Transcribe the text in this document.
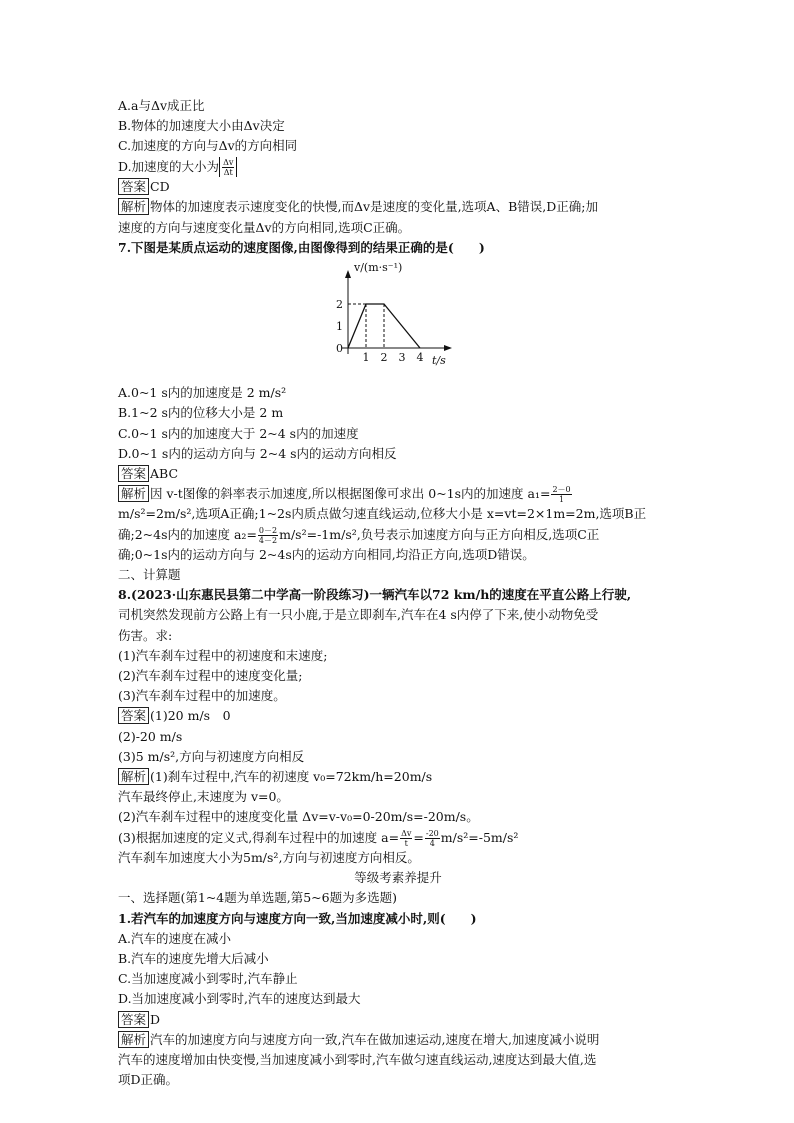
A.a与Δv成正比
B.物体的加速度大小由Δv决定
C.加速度的方向与Δv的方向相同
D.加速度的大小为 $\frac{\Delta v}{\Delta t}$
答案 CD
解析 物体的加速度表示速度变化的快慢,而Δv是速度的变化量,选项A、B错误,D正确;加
速度的方向与速度变化量Δv的方向相同,选项C正确。
7.下图是某质点运动的速度图像,由图像得到的结果正确的是(　　)
1 2 3 4
1
2
0
t/s
v/(m·s⁻¹)
A.0~1 s内的加速度是 2 m/s²
B.1~2 s内的位移大小是 2 m
C.0~1 s内的加速度大于 2~4 s内的加速度
D.0~1 s内的运动方向与 2~4 s内的运动方向相反
答案 ABC
解析 因 v-t图像的斜率表示加速度,所以根据图像可求出 0~1s内的加速度 $a_1= \frac{2-0}{1}$
m/s²=2m/s²,选项A正确;1~2s内质点做匀速直线运动,位移大小是 x=vt=2×1m=2m,选项B正
确;2~4s内的加速度 $a_2= \frac{0-2}{4-2} m/s^2=-1m/s^2$,负号表示加速度方向与正方向相反,选项C正
确;0~1s内的运动方向与 2~4s内的运动方向相同,均沿正方向,选项D错误。
二、计算题
8.(2023·山东惠民县第二中学高一阶段练习)一辆汽车以72 km/h的速度在平直公路上行驶,
司机突然发现前方公路上有一只小鹿,于是立即刹车,汽车在4 s内停了下来,使小动物免受
伤害。求:
(1)汽车刹车过程中的初速度和末速度;
(2)汽车刹车过程中的速度变化量;
(3)汽车刹车过程中的加速度。
答案 (1)20 m/s　0
(2)-20 m/s
(3)5 m/s²,方向与初速度方向相反
解析 (1)刹车过程中,汽车的初速度 v₀=72km/h=20m/s
汽车最终停止,末速度为 v=0。
(2)汽车刹车过程中的速度变化量 Δv=v-v₀=0-20m/s=-20m/s。
(3)根据加速度的定义式,得刹车过程中的加速度 $a= \frac{\Delta v}{t} = \frac{-20}{4} m/s^2=-5m/s^2$
汽车刹车加速度大小为5m/s²,方向与初速度方向相反。
等级考素养提升
一、选择题(第1~4题为单选题,第5~6题为多选题)
1.若汽车的加速度方向与速度方向一致,当加速度减小时,则(　　)
A.汽车的速度在减小
B.汽车的速度先增大后减小
C.当加速度减小到零时,汽车静止
D.当加速度减小到零时,汽车的速度达到最大
答案 D
解析 汽车的加速度方向与速度方向一致,汽车在做加速运动,速度在增大,加速度减小说明
汽车的速度增加由快变慢,当加速度减小到零时,汽车做匀速直线运动,速度达到最大值,选
项D正确。
